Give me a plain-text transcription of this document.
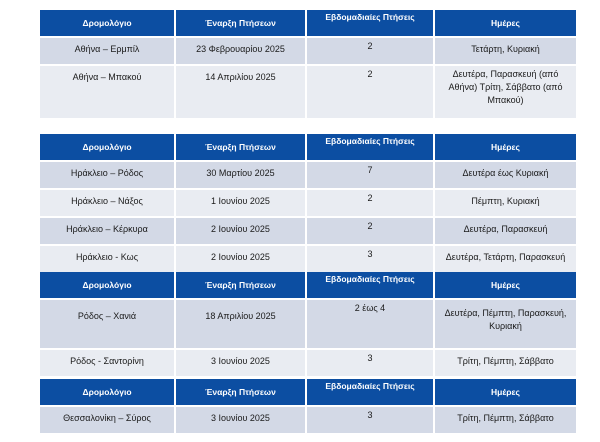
Δρομολόγιο	Έναρξη Πτήσεων	Εβδομαδιαίες Πτήσεις	Ημέρες
Αθήνα – Ερμπίλ	23 Φεβρουαρίου 2025	2	Τετάρτη, Κυριακή
Αθήνα – Μπακού	14 Απριλίου 2025	2	Δευτέρα, Παρασκευή (από Αθήνα) Τρίτη, Σάββατο (από Μπακού)
Δρομολόγιο	Έναρξη Πτήσεων	Εβδομαδιαίες Πτήσεις	Ημέρες
Ηράκλειο – Ρόδος	30 Μαρτίου 2025	7	Δευτέρα έως Κυριακή
Ηράκλειο – Νάξος	1 Ιουνίου 2025	2	Πέμπτη, Κυριακή
Ηράκλειο – Κέρκυρα	2 Ιουνίου 2025	2	Δευτέρα, Παρασκευή
Ηράκλειο - Κως	2 Ιουνίου 2025	3	Δευτέρα, Τετάρτη, Παρασκευή
Δρομολόγιο	Έναρξη Πτήσεων	Εβδομαδιαίες Πτήσεις	Ημέρες
Ρόδος – Χανιά	18 Απριλίου 2025	2 έως 4	Δευτέρα, Πέμπτη, Παρασκευή, Κυριακή
Ρόδος - Σαντορίνη	3 Ιουνίου 2025	3	Τρίτη, Πέμπτη, Σάββατο
Δρομολόγιο	Έναρξη Πτήσεων	Εβδομαδιαίες Πτήσεις	Ημέρες
Θεσσαλονίκη – Σύρος	3 Ιουνίου 2025	3	Τρίτη, Πέμπτη, Σάββατο
